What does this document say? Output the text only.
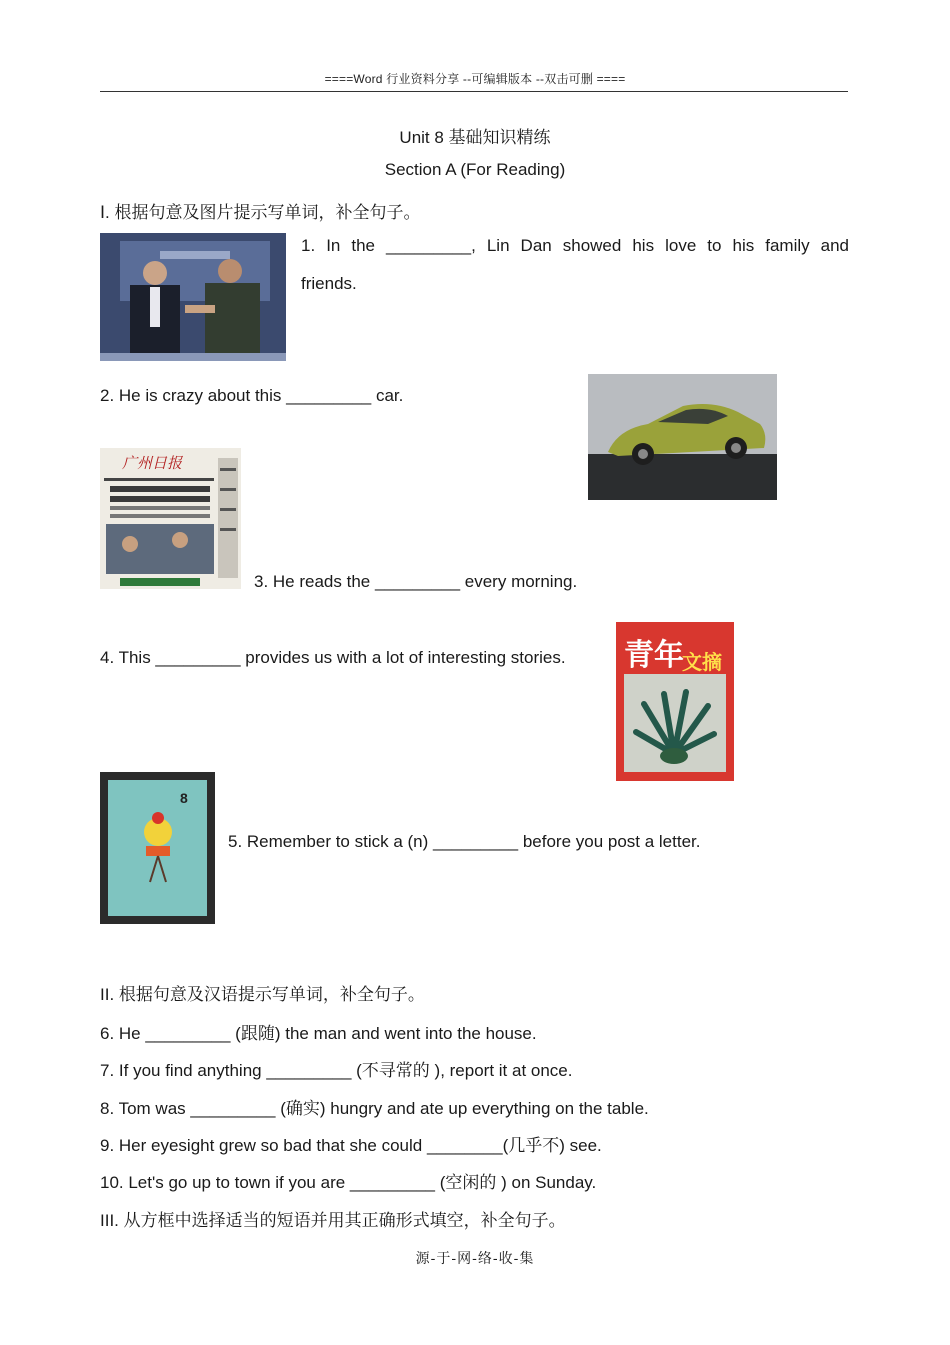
====Word 行业资料分享 --可编辑版本 --双击可删 ====
Unit 8 基础知识精练
Section A (For Reading)
Ⅰ. 根据句意及图片提示写单词，补全句子。
1. In the _________, Lin Dan showed his love to his family and
friends.
2. He is crazy about this _________ car.
广州日报
3. He reads the _________ every morning.
4. This _________ provides us with a lot of interesting stories. 青年
文摘
8
5. Remember to stick a (n) _________ before you post a letter.
II. 根据句意及汉语提示写单词，补全句子。
6. He _________ (跟随) the man and went into the house.
7. If you find anything _________ (不寻常的 ), report it at once.
8. Tom was _________ (确实) hungry and ate up everything on the table.
9. Her eyesight grew so bad that she could ________(几乎不) see.
10. Let's go up to town if you are _________ (空闲的 ) on Sunday.
III. 从方框中选择适当的短语并用其正确形式填空，补全句子。
源-于-网-络-收-集
